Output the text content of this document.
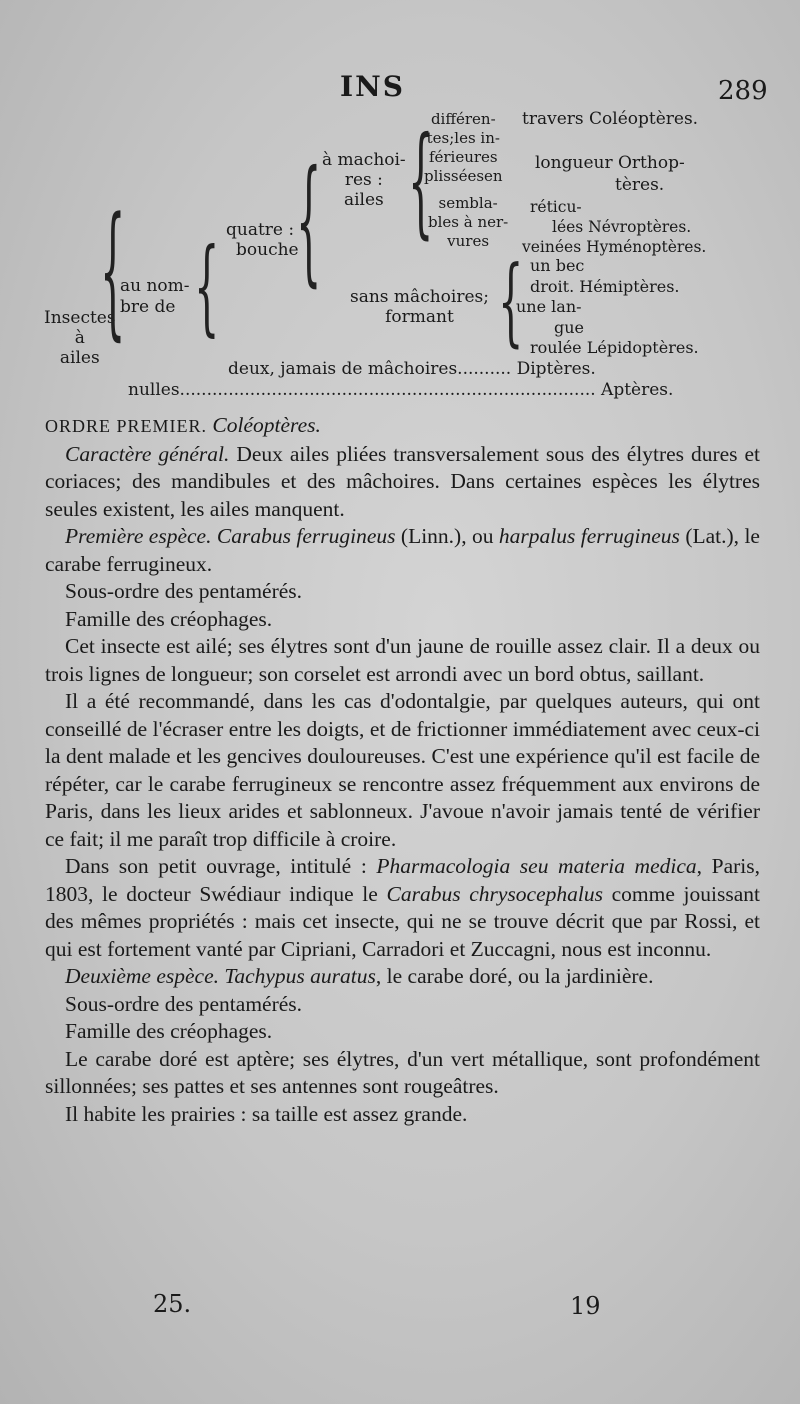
INS	289
Insectes
à
ailes
{
au nom-
bre de { quatre :
bouche
{ à machoi-
res :
ailes {
différen-
tes;les in-
férieures
plisséesen
sembla-
bles à ner-
vures
travers Coléoptères.
longueur Orthop-
tères.
réticu-
lées Névroptères.
veinées Hyménoptères.
sans mâchoires;
formant	{ un bec
droit. Hémiptères.
une lan-
gue
roulée Lépidoptères.
deux, jamais de mâchoires.......... Diptères.
nulles............................................................................. Aptères.

ORDRE PREMIER. Coléoptères.

Caractère général. Deux ailes pliées transversalement sous des élytres dures et coriaces; des mandibules et des mâchoires. Dans certaines espèces les élytres seules existent, les ailes manquent.

Première espèce. Carabus ferrugineus (Linn.), ou harpalus ferrugineus (Lat.), le carabe ferrugineux.

Sous-ordre des pentamérés.

Famille des créophages.

Cet insecte est ailé; ses élytres sont d'un jaune de rouille assez clair. Il a deux ou trois lignes de longueur; son corselet est arrondi avec un bord obtus, saillant.

Il a été recommandé, dans les cas d'odontalgie, par quelques auteurs, qui ont conseillé de l'écraser entre les doigts, et de frictionner immédiatement avec ceux-ci la dent malade et les gencives douloureuses. C'est une expérience qu'il est facile de répéter, car le carabe ferrugineux se rencontre assez fréquemment aux environs de Paris, dans les lieux arides et sablonneux. J'avoue n'avoir jamais tenté de vérifier ce fait; il me paraît trop difficile à croire.

Dans son petit ouvrage, intitulé : Pharmacologia seu materia medica, Paris, 1803, le docteur Swédiaur indique le Carabus chrysocephalus comme jouissant des mêmes propriétés : mais cet insecte, qui ne se trouve décrit que par Rossi, et qui est fortement vanté par Cipriani, Carradori et Zuccagni, nous est inconnu.

Deuxième espèce. Tachypus auratus, le carabe doré, ou la jardinière.

Sous-ordre des pentamérés.

Famille des créophages.

Le carabe doré est aptère; ses élytres, d'un vert métallique, sont profondément sillonnées; ses pattes et ses antennes sont rougeâtres.

Il habite les prairies : sa taille est assez grande.

25.	19
